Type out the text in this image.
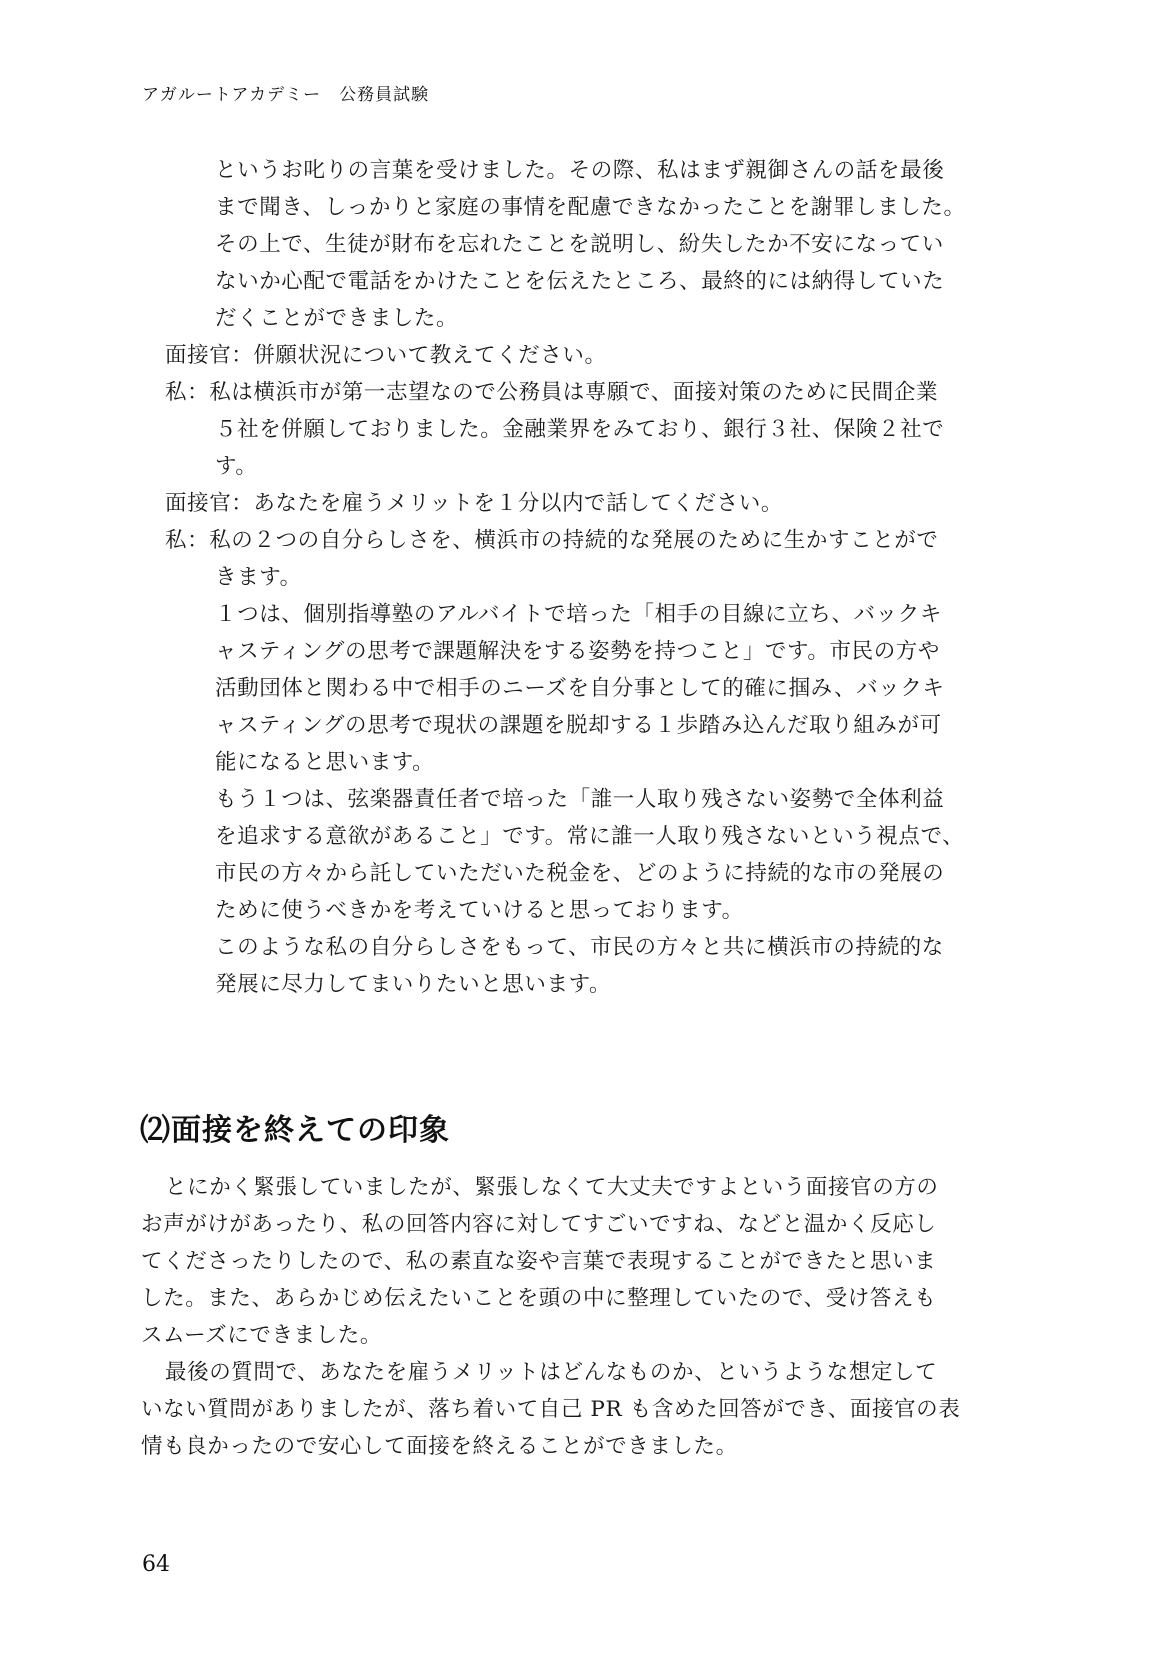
アガルートアカデミー 公務員試験
というお叱りの言葉を受けました。その際、私はまず親御さんの話を最後
まで聞き、しっかりと家庭の事情を配慮できなかったことを謝罪しました。
その上で、生徒が財布を忘れたことを説明し、紛失したか不安になってい
ないか心配で電話をかけたことを伝えたところ、最終的には納得していた
だくことができました。
面接官：併願状況について教えてください。
私：私は横浜市が第一志望なので公務員は専願で、面接対策のために民間企業
５社を併願しておりました。金融業界をみており、銀行３社、保険２社で
す。
面接官：あなたを雇うメリットを１分以内で話してください。
私：私の２つの自分らしさを、横浜市の持続的な発展のために生かすことがで
きます。
１つは、個別指導塾のアルバイトで培った「相手の目線に立ち、バックキ
ャスティングの思考で課題解決をする姿勢を持つこと」です。市民の方や
活動団体と関わる中で相手のニーズを自分事として的確に掴み、バックキ
ャスティングの思考で現状の課題を脱却する１歩踏み込んだ取り組みが可
能になると思います。
もう１つは、弦楽器責任者で培った「誰一人取り残さない姿勢で全体利益
を追求する意欲があること」です。常に誰一人取り残さないという視点で、
市民の方々から託していただいた税金を、どのように持続的な市の発展の
ために使うべきかを考えていけると思っております。
このような私の自分らしさをもって、市民の方々と共に横浜市の持続的な
発展に尽力してまいりたいと思います。
⑵面接を終えての印象
とにかく緊張していましたが、緊張しなくて大丈夫ですよという面接官の方の
お声がけがあったり、私の回答内容に対してすごいですね、などと温かく反応し
てくださったりしたので、私の素直な姿や言葉で表現することができたと思いま
した。また、あらかじめ伝えたいことを頭の中に整理していたので、受け答えも
スムーズにできました。
最後の質問で、あなたを雇うメリットはどんなものか、というような想定して
いない質問がありましたが、落ち着いて自己 PR も含めた回答ができ、面接官の表
情も良かったので安心して面接を終えることができました。
64
